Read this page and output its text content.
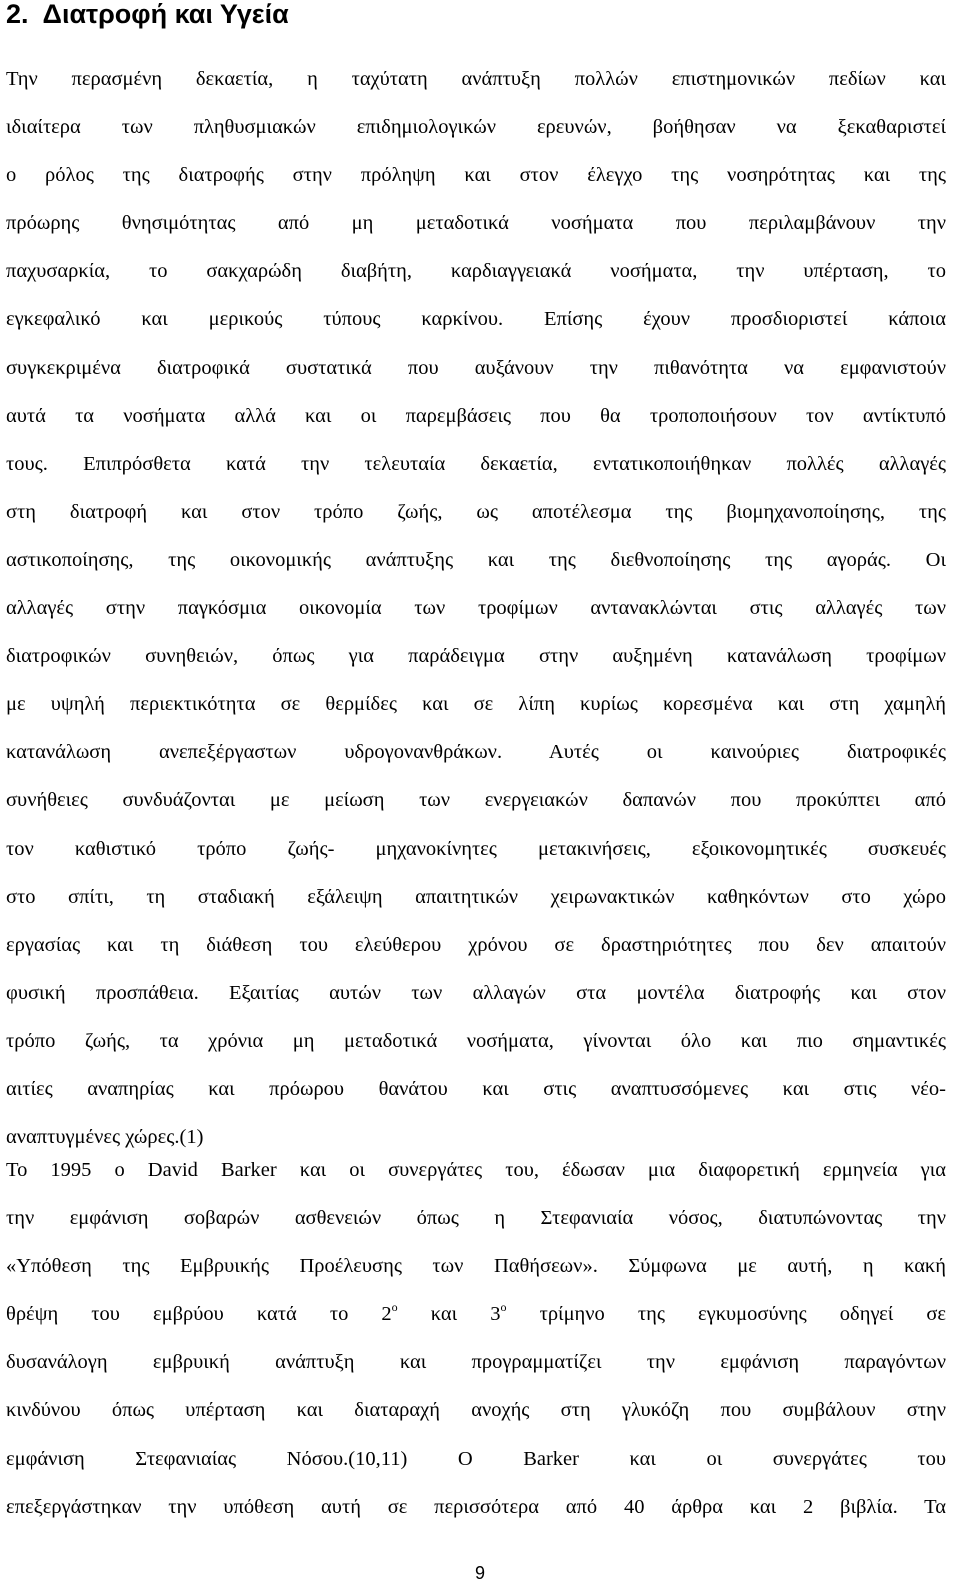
2. Διατροφή και Υγεία
Την περασμένη δεκαετία, η ταχύτατη ανάπτυξη πολλών επιστημονικών πεδίων και
ιδιαίτερα των πληθυσμιακών επιδημιολογικών ερευνών, βοήθησαν να ξεκαθαριστεί
ο ρόλος της διατροφής στην πρόληψη και στον έλεγχο της νοσηρότητας και της
πρόωρης θνησιμότητας από μη μεταδοτικά νοσήματα που περιλαμβάνουν την
παχυσαρκία, το σακχαρώδη διαβήτη, καρδιαγγειακά νοσήματα, την υπέρταση, το
εγκεφαλικό και μερικούς τύπους καρκίνου. Επίσης έχουν προσδιοριστεί κάποια
συγκεκριμένα διατροφικά συστατικά που αυξάνουν την πιθανότητα να εμφανιστούν
αυτά τα νοσήματα αλλά και οι παρεμβάσεις που θα τροποποιήσουν τον αντίκτυπό
τους. Επιπρόσθετα κατά την τελευταία δεκαετία, εντατικοποιήθηκαν πολλές αλλαγές
στη διατροφή και στον τρόπο ζωής, ως αποτέλεσμα της βιομηχανοποίησης, της
αστικοποίησης, της οικονομικής ανάπτυξης και της διεθνοποίησης της αγοράς. Οι
αλλαγές στην παγκόσμια οικονομία των τροφίμων αντανακλώνται στις αλλαγές των
διατροφικών συνηθειών, όπως για παράδειγμα στην αυξημένη κατανάλωση τροφίμων
με υψηλή περιεκτικότητα σε θερμίδες και σε λίπη κυρίως κορεσμένα και στη χαμηλή
κατανάλωση ανεπεξέργαστων υδρογονανθράκων. Αυτές οι καινούριες διατροφικές
συνήθειες συνδυάζονται με μείωση των ενεργειακών δαπανών που προκύπτει από
τον καθιστικό τρόπο ζωής- μηχανοκίνητες μετακινήσεις, εξοικονομητικές συσκευές
στο σπίτι, τη σταδιακή εξάλειψη απαιτητικών χειρωνακτικών καθηκόντων στο χώρο
εργασίας και τη διάθεση του ελεύθερου χρόνου σε δραστηριότητες που δεν απαιτούν
φυσική προσπάθεια. Εξαιτίας αυτών των αλλαγών στα μοντέλα διατροφής και στον
τρόπο ζωής, τα χρόνια μη μεταδοτικά νοσήματα, γίνονται όλο και πιο σημαντικές
αιτίες αναπηρίας και πρόωρου θανάτου και στις αναπτυσσόμενες και στις νέο-
αναπτυγμένες χώρες.(1)
Το 1995 ο David Barker και οι συνεργάτες του, έδωσαν μια διαφορετική ερμηνεία για
την εμφάνιση σοβαρών ασθενειών όπως η Στεφανιαία νόσος, διατυπώνοντας την
«Υπόθεση της Εμβρυικής Προέλευσης των Παθήσεων». Σύμφωνα με αυτή, η κακή
θρέψη του εμβρύου κατά το $2^o$ και $3^o$ τρίμηνο της εγκυμοσύνης οδηγεί σε
δυσανάλογη εμβρυική ανάπτυξη και προγραμματίζει την εμφάνιση παραγόντων
κινδύνου όπως υπέρταση και διαταραχή ανοχής στη γλυκόζη που συμβάλουν στην
εμφάνιση Στεφανιαίας Νόσου.(10,11) Ο Barker και οι συνεργάτες του
επεξεργάστηκαν την υπόθεση αυτή σε περισσότερα από 40 άρθρα και 2 βιβλία. Τα
9
